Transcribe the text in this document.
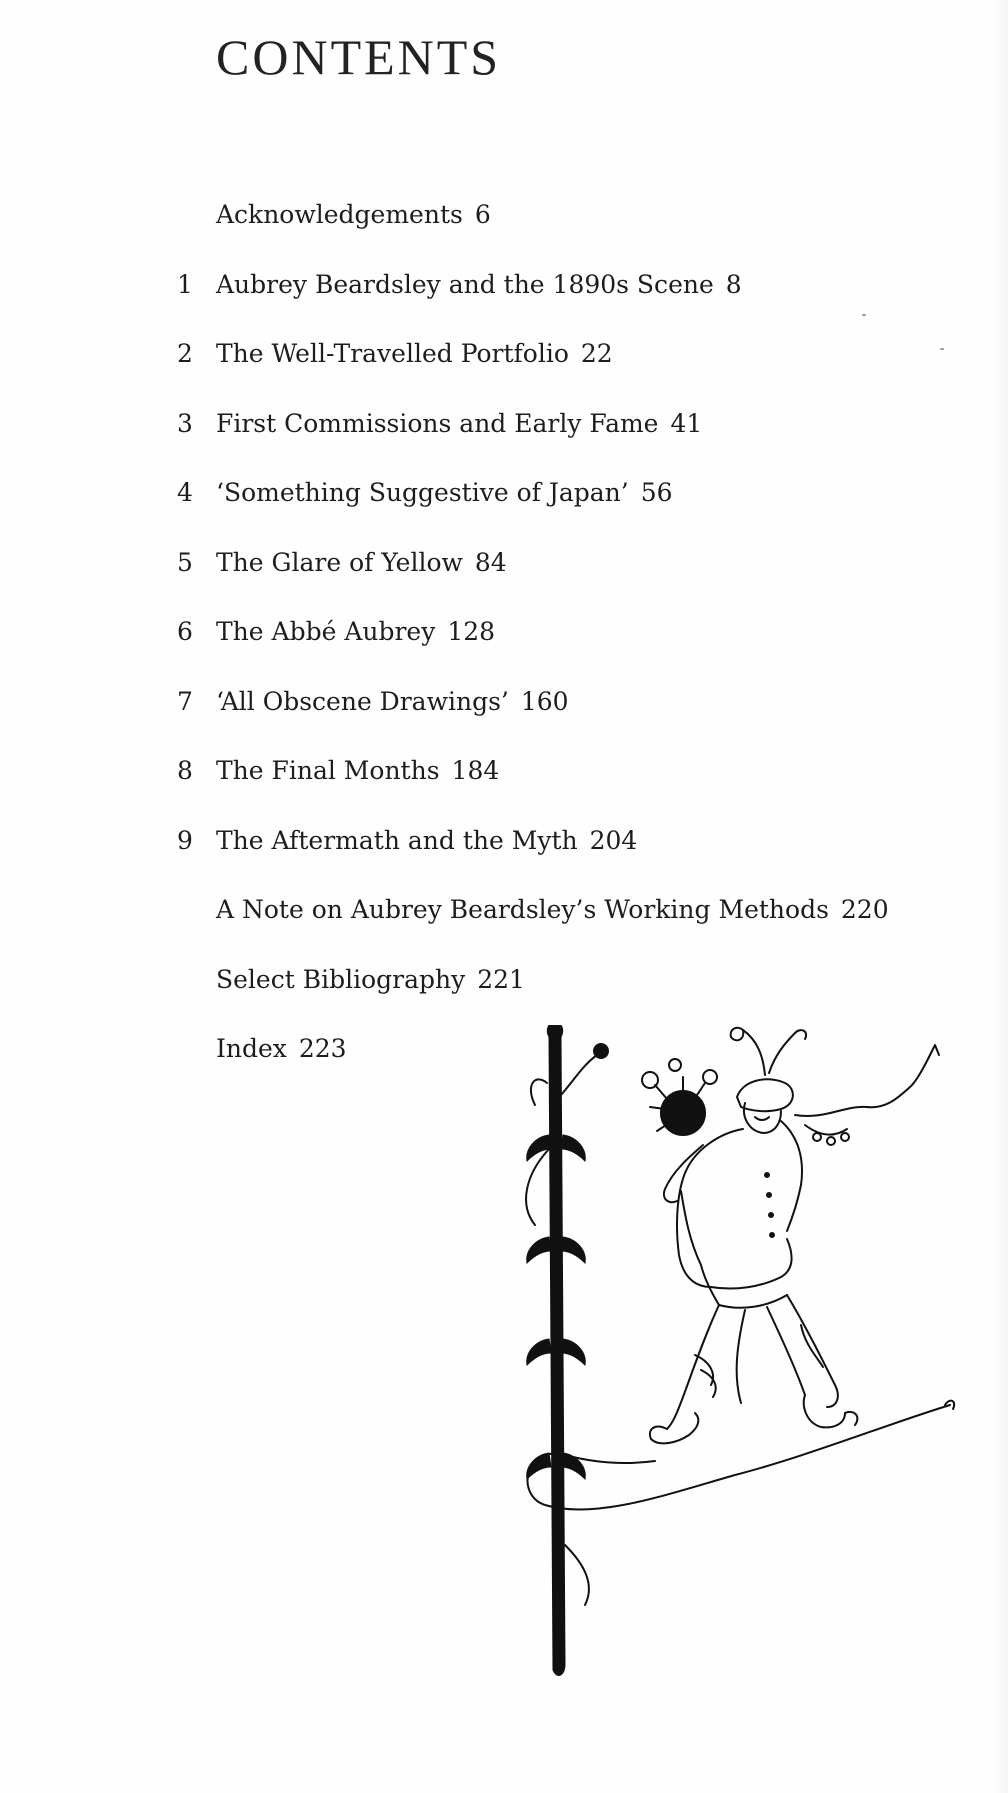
CONTENTS
Acknowledgements 6
1 Aubrey Beardsley and the 1890s Scene 8
2 The Well-Travelled Portfolio 22
3 First Commissions and Early Fame 41
4 ‘Something Suggestive of Japan’ 56
5 The Glare of Yellow 84
6 The Abbé Aubrey 128
7 ‘All Obscene Drawings’ 160
8 The Final Months 184
9 The Aftermath and the Myth 204
A Note on Aubrey Beardsley’s Working Methods 220
Select Bibliography 221
Index 223
